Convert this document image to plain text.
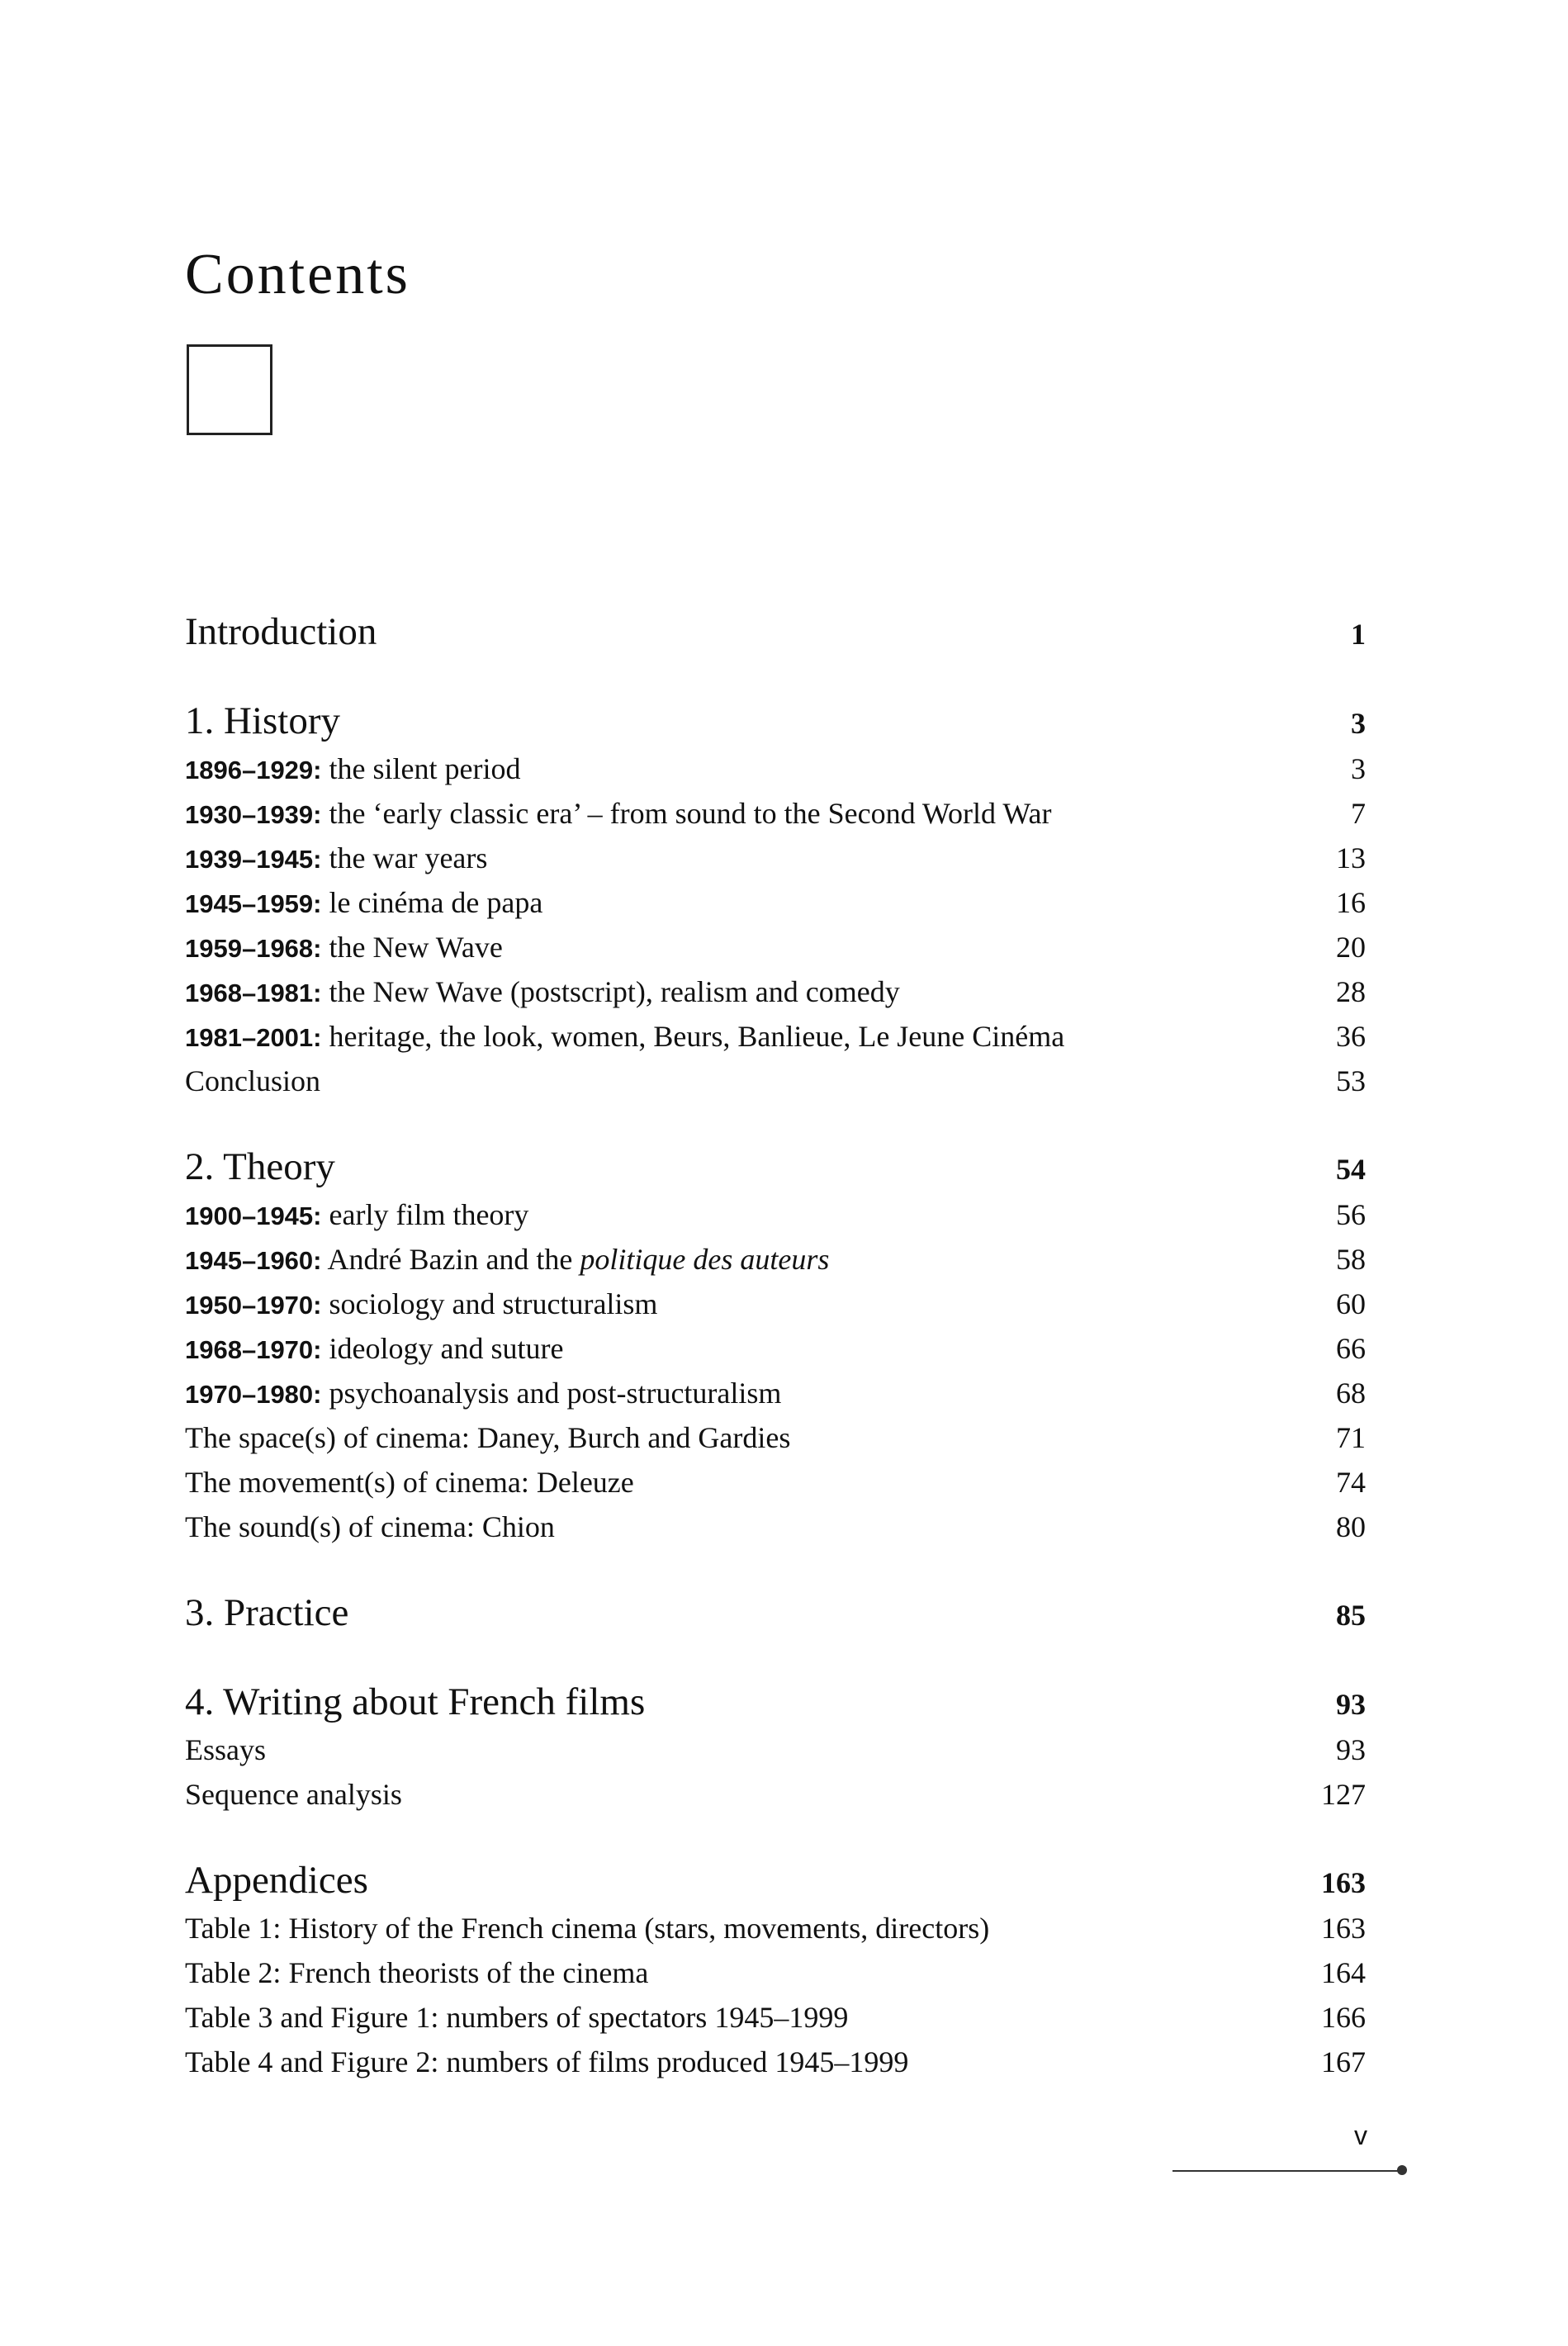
Contents
Introduction	1
1. History	3
1896–1929: the silent period	3
1930–1939: the ‘early classic era’ – from sound to the Second World War	7
1939–1945: the war years	13
1945–1959: le cinéma de papa	16
1959–1968: the New Wave	20
1968–1981: the New Wave (postscript), realism and comedy	28
1981–2001: heritage, the look, women, Beurs, Banlieue, Le Jeune Cinéma	36
Conclusion	53
2. Theory	54
1900–1945: early film theory	56
1945–1960: André Bazin and the politique des auteurs	58
1950–1970: sociology and structuralism	60
1968–1970: ideology and suture	66
1970–1980: psychoanalysis and post-structuralism	68
The space(s) of cinema: Daney, Burch and Gardies	71
The movement(s) of cinema: Deleuze	74
The sound(s) of cinema: Chion	80
3. Practice	85
4. Writing about French films	93
Essays	93
Sequence analysis	127
Appendices	163
Table 1: History of the French cinema (stars, movements, directors)	163
Table 2: French theorists of the cinema	164
Table 3 and Figure 1: numbers of spectators 1945–1999	166
Table 4 and Figure 2: numbers of films produced 1945–1999	167
v
